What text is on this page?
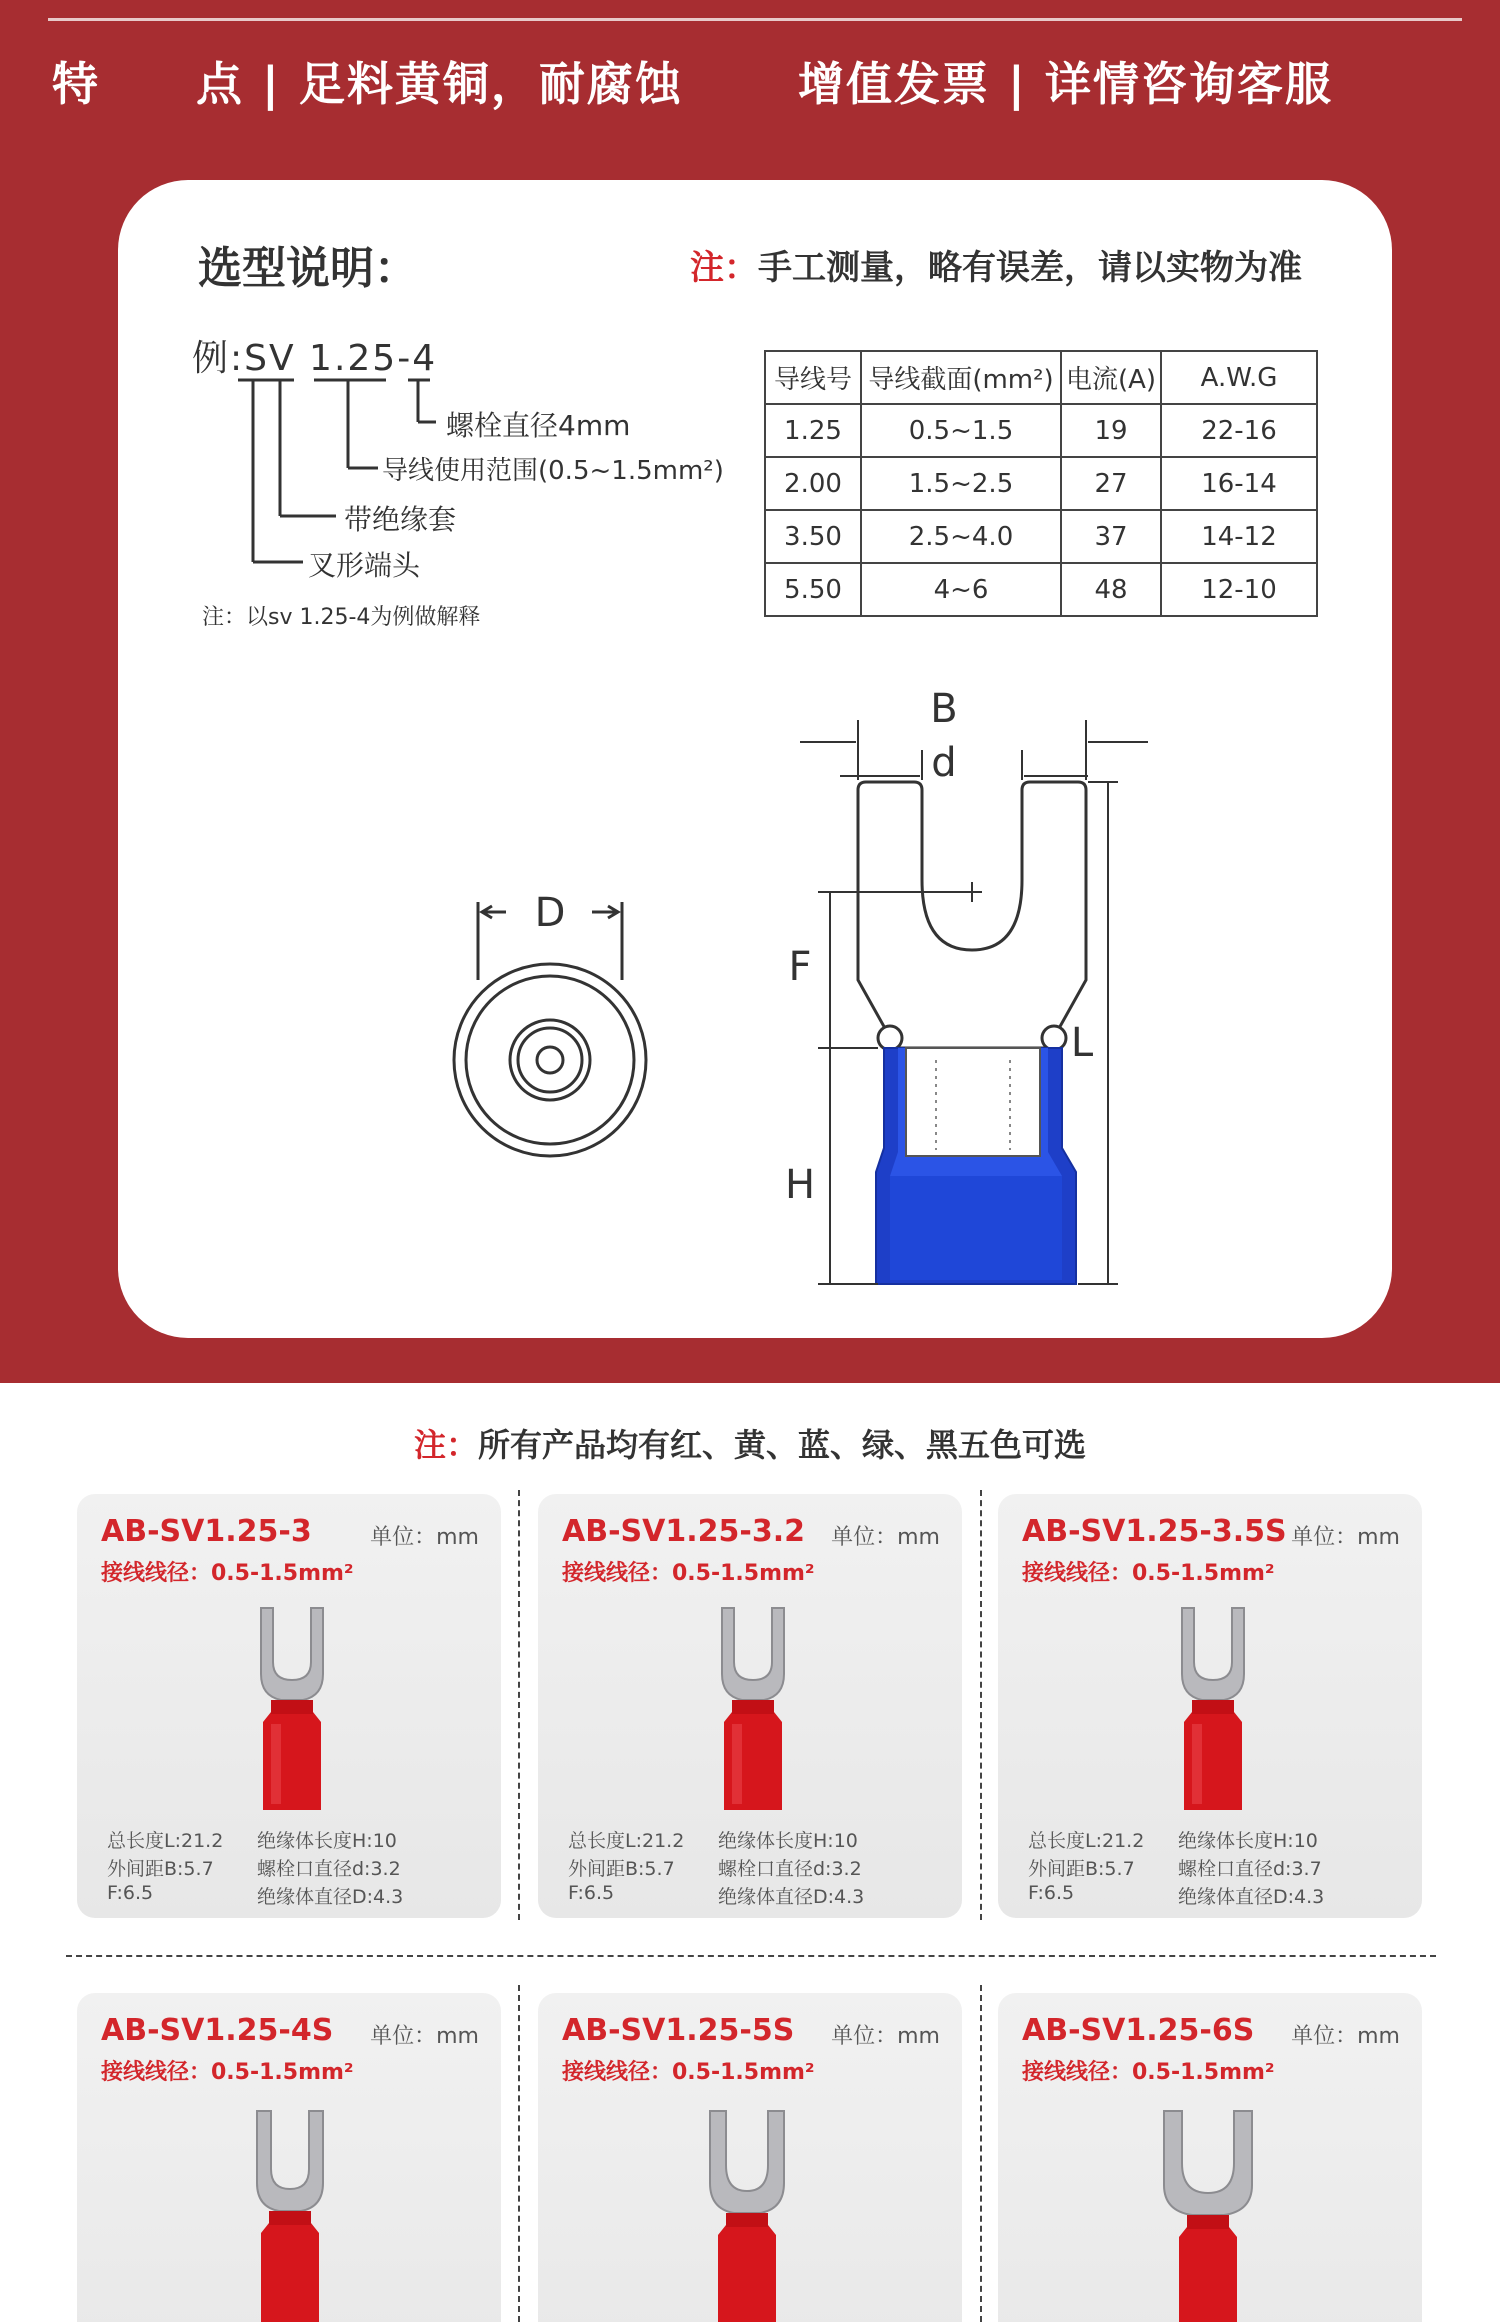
特　　点 | 足料黄铜，耐腐蚀	增值发票 | 详情咨询客服
选型说明：	注：手工测量，略有误差，请以实物为准
例:SV 1.25-4
螺栓直径4mm
导线使用范围(0.5~1.5mm²)
带绝缘套
叉形端头
注：以sv 1.25-4为例做解释
导线号	导线截面(mm²)	电流(A)	A.W.G
1.25	0.5~1.5	19	22-16
2.00	1.5~2.5	27	16-14
3.50	2.5~4.0	37	14-12
5.50	4~6	48	12-10
D
B
d
F
L
H
注：所有产品均有红、黄、蓝、绿、黑五色可选
AB-SV1.25-3	单位：mm
接线线径：0.5-1.5mm²
总长度L:21.2
外间距B:5.7
F:6.5
绝缘体长度H:10
螺栓口直径d:3.2
绝缘体直径D:4.3
AB-SV1.25-3.2 单位：mm
接线线径：0.5-1.5mm²
总长度L:21.2
外间距B:5.7
F:6.5
绝缘体长度H:10
螺栓口直径d:3.2
绝缘体直径D:4.3
AB-SV1.25-3.5S 单位：mm
接线线径：0.5-1.5mm²
总长度L:21.2
外间距B:5.7
F:6.5
绝缘体长度H:10
螺栓口直径d:3.7
绝缘体直径D:4.3
AB-SV1.25-4S 单位：mm
接线线径：0.5-1.5mm²
AB-SV1.25-5S 单位：mm
接线线径：0.5-1.5mm²
AB-SV1.25-6S 单位：mm
接线线径：0.5-1.5mm²
